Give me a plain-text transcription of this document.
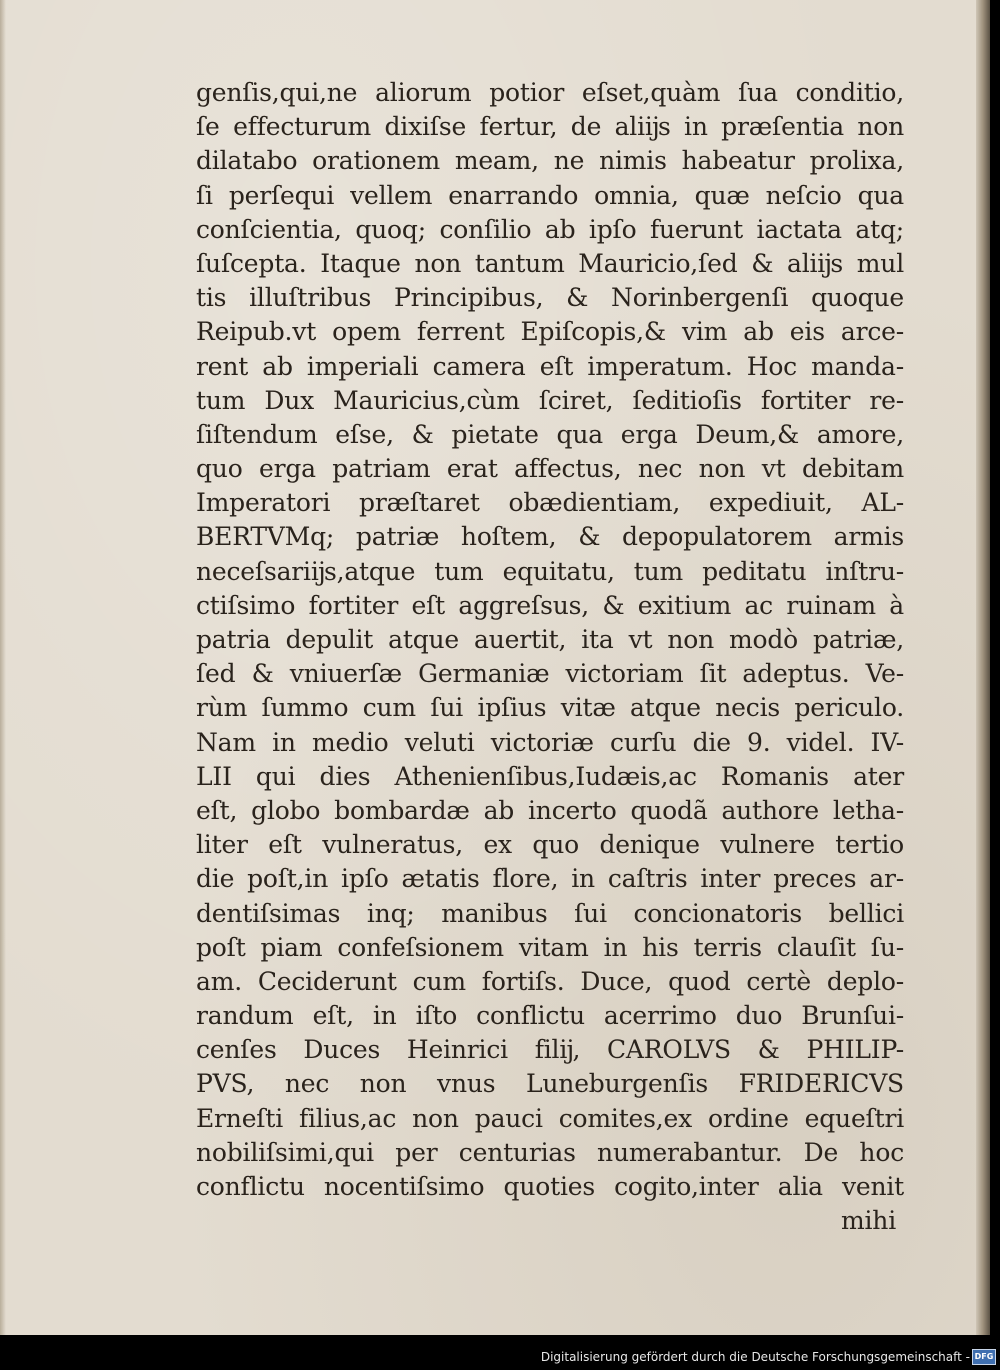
genſis,qui,ne aliorum potior eſset,quàm ſua conditio,
ſe effecturum dixiſse fertur, de aliĳs in præſentia non
dilatabo orationem meam, ne nimis habeatur prolixa,
ſi perſequi vellem enarrando omnia, quæ neſcio qua
conſcientia, quoq; conſilio ab ipſo fuerunt iactata atq;
ſuſcepta. Itaque non tantum Mauricio,ſed & aliĳs mul
tis illuſtribus Principibus, & Norinbergenſi quoque
Reipub.vt opem ferrent Epiſcopis,& vim ab eis arce-
rent ab imperiali camera eſt imperatum. Hoc manda-
tum Dux Mauricius,cùm ſciret, ſeditioſis fortiter re-
ſiſtendum eſse, & pietate qua erga Deum,& amore,
quo erga patriam erat affectus, nec non vt debitam
Imperatori præſtaret obædientiam, expediuit, AL-
BERTVMq; patriæ hoſtem, & depopulatorem armis
neceſsariĳs,atque tum equitatu, tum peditatu inſtru-
ctiſsimo fortiter eſt aggreſsus, & exitium ac ruinam à
patria depulit atque auertit, ita vt non modò patriæ,
ſed & vniuerſæ Germaniæ victoriam ſit adeptus. Ve-
rùm ſummo cum ſui ipſius vitæ atque necis periculo.
Nam in medio veluti victoriæ curſu die 9. videl. IV-
LII qui dies Athenienſibus,Iudæis,ac Romanis ater
eſt, globo bombardæ ab incerto quodã authore letha-
liter eſt vulneratus, ex quo denique vulnere tertio
die poſt,in ipſo ætatis flore, in caſtris inter preces ar-
dentiſsimas inq; manibus ſui concionatoris bellici
poſt piam confeſsionem vitam in his terris clauſit ſu-
am. Ceciderunt cum fortiſs. Duce, quod certè deplo-
randum eſt, in iſto conflictu acerrimo duo Brunſui-
cenſes Duces Heinrici filĳ, CAROLVS & PHILIP-
PVS, nec non vnus Luneburgenſis FRIDERICVS
Erneſti filius,ac non pauci comites,ex ordine equeſtri
nobiliſsimi,qui per centurias numerabantur. De hoc
conflictu nocentiſsimo quoties cogito,inter alia venit
mihi
Digitalisierung gefördert durch die Deutsche Forschungsgemeinschaft - DFG
